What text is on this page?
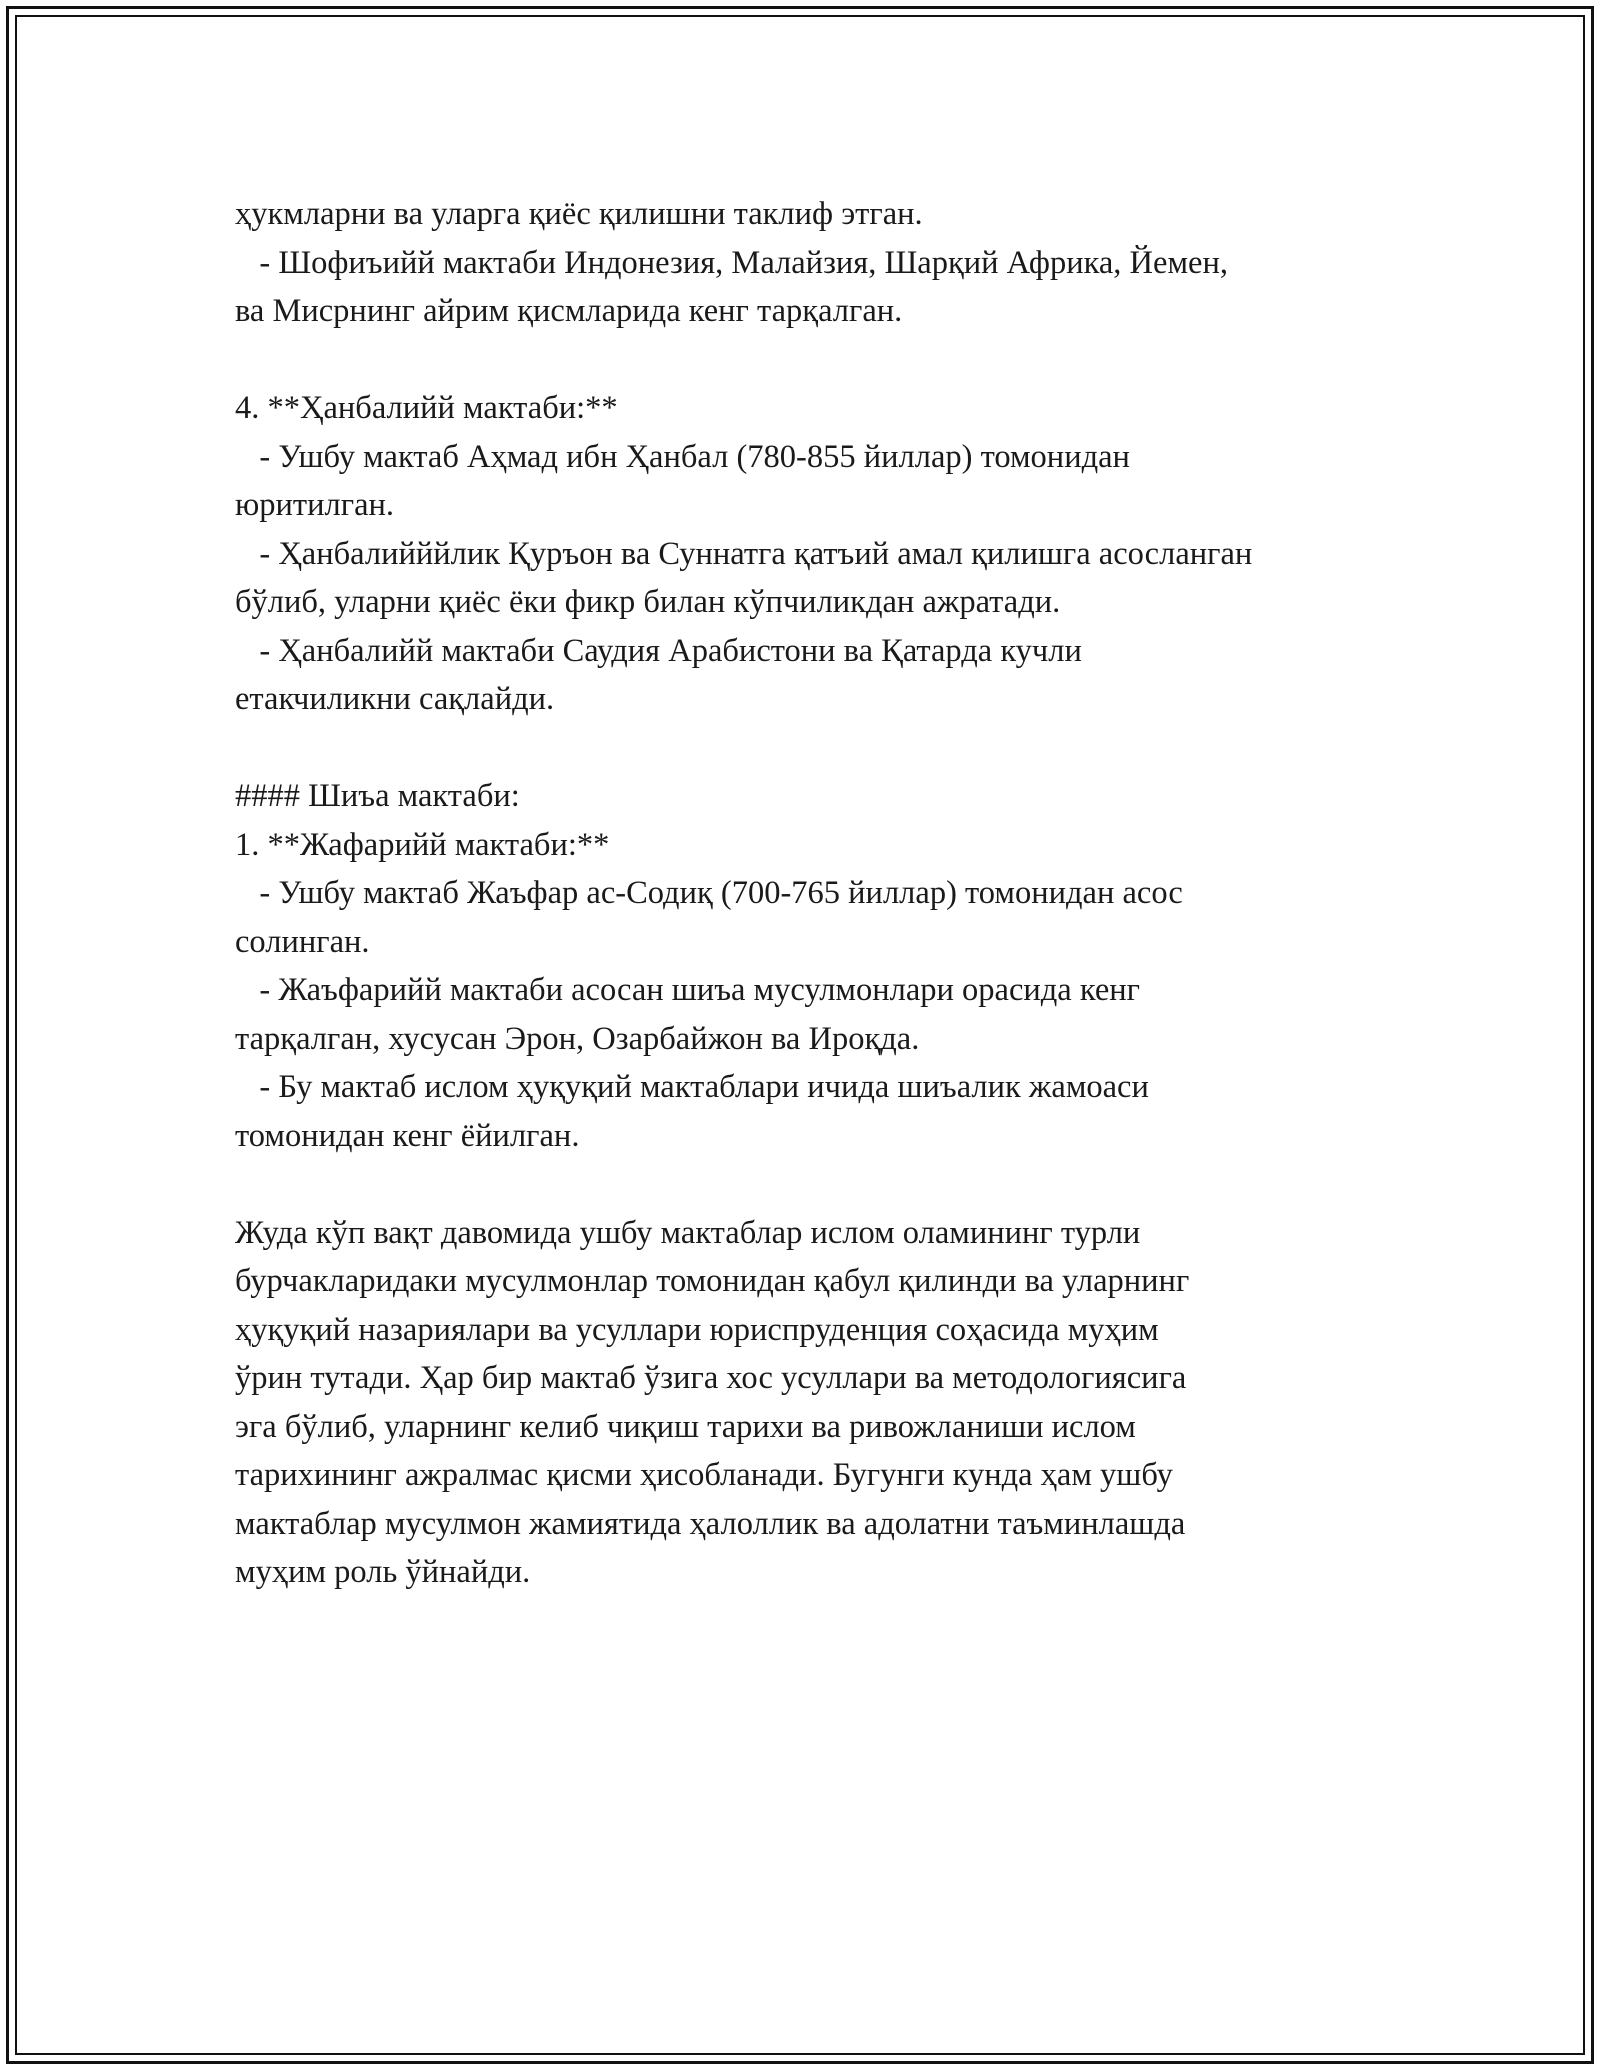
ҳукмларни ва уларга қиёс қилишни таклиф этган.
- Шофиъийй мактаби Индонезия, Малайзия, Шарқий Африка, Йемен,
ва Мисрнинг айрим қисмларида кенг тарқалган.
4. **Ҳанбалийй мактаби:**
- Ушбу мактаб Аҳмад ибн Ҳанбал (780-855 йиллар) томонидан
юритилган.
- Ҳанбалийййлик Қуръон ва Суннатга қатъий амал қилишга асосланган
бўлиб, уларни қиёс ёки фикр билан кўпчиликдан ажратади.
- Ҳанбалийй мактаби Саудия Арабистони ва Қатарда кучли
етакчиликни сақлайди.
#### Шиъа мактаби:
1. **Жафарийй мактаби:**
- Ушбу мактаб Жаъфар ас-Содиқ (700-765 йиллар) томонидан асос
солинган.
- Жаъфарийй мактаби асосан шиъа мусулмонлари орасида кенг
тарқалган, хусусан Эрон, Озарбайжон ва Ироқда.
- Бу мактаб ислом ҳуқуқий мактаблари ичида шиъалик жамоаси
томонидан кенг ёйилган.
Жуда кўп вақт давомида ушбу мактаблар ислом оламининг турли
бурчакларидаки мусулмонлар томонидан қабул қилинди ва уларнинг
ҳуқуқий назариялари ва усуллари юриспруденция соҳасида муҳим
ўрин тутади. Ҳар бир мактаб ўзига хос усуллари ва методологиясига
эга бўлиб, уларнинг келиб чиқиш тарихи ва ривожланиши ислом
тарихининг ажралмас қисми ҳисобланади. Бугунги кунда ҳам ушбу
мактаблар мусулмон жамиятида ҳалоллик ва адолатни таъминлашда
муҳим роль ўйнайди.
